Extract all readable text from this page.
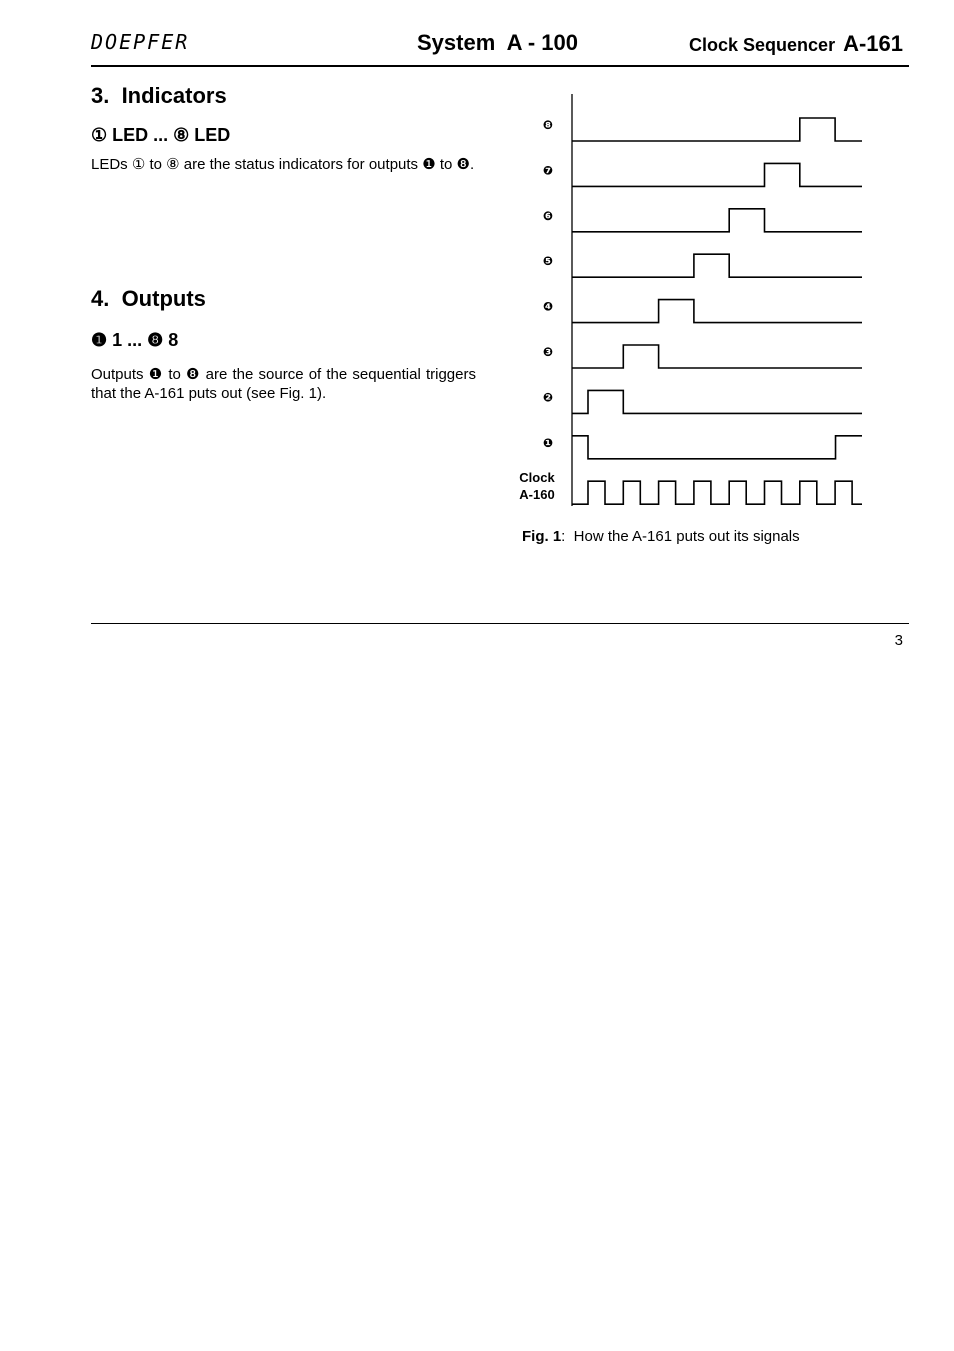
DOEPFER	System  A - 100	Clock Sequencer A-161
3.  Indicators
① LED ... ⑧ LED
LEDs ① to ⑧ are the status indicators for outputs ❶ to ❽.
4.  Outputs
❶ 1 ... ❽ 8
Outputs ❶ to ❽ are the source of the sequential triggers that the A-161 puts out (see Fig. 1).
❽
❼
❻
❺
❹
❸
❷
❶
Clock
A-160
Fig. 1:  How the A-161 puts out its signals
3
